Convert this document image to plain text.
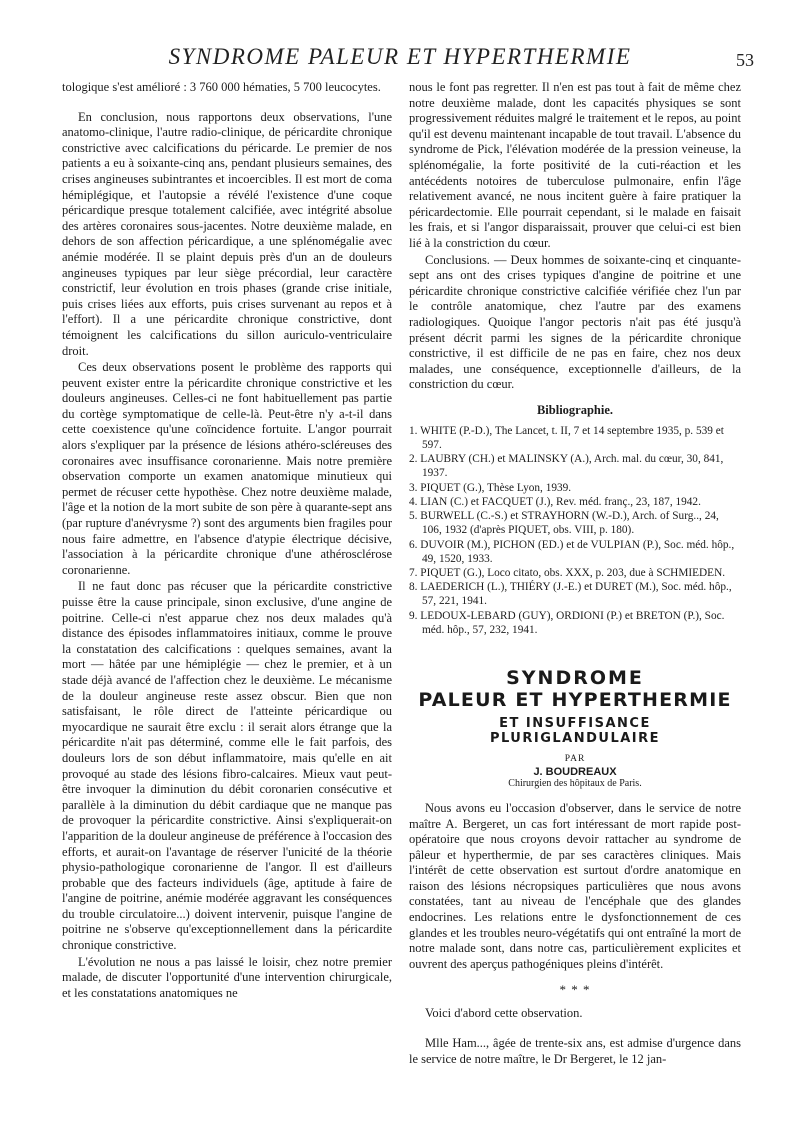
SYNDROME PALEUR ET HYPERTHERMIE	53

tologique s'est amélioré : 3 760 000 hématies, 5 700 leucocytes.

En conclusion, nous rapportons deux observations, l'une anatomo-clinique, l'autre radio-clinique, de péricardite chronique constrictive avec calcifications du péricarde. Le premier de nos patients a eu à soixante-cinq ans, pendant plusieurs semaines, des crises angineuses subintrantes et incoercibles. Il est mort de coma hémiplégique, et l'autopsie a révélé l'existence d'une coque péricardique presque totalement calcifiée, avec intégrité absolue des artères coronaires sous-jacentes. Notre deuxième malade, en dehors de son affection péricardique, a une splénomégalie avec anémie modérée. Il se plaint depuis près d'un an de douleurs angineuses typiques par leur siège précordial, leur caractère constrictif, leur évolution en trois phases (grande crise initiale, puis crises liées aux efforts, puis crises survenant au repos et à l'effort). Il a une péricardite chronique constrictive, dont témoignent les calcifications du sillon auriculo-ventriculaire droit.

Ces deux observations posent le problème des rapports qui peuvent exister entre la péricardite chronique constrictive et les douleurs angineuses. Celles-ci ne font habituellement pas partie du cortège symptomatique de celle-là. Peut-être n'y a-t-il dans cette coexistence qu'une coïncidence fortuite. L'angor pourrait alors s'expliquer par la présence de lésions athéro-scléreuses des coronaires avec insuffisance coronarienne. Mais notre première observation comporte un examen anatomique minutieux qui permet de récuser cette hypothèse. Chez notre deuxième malade, l'âge et la notion de la mort subite de son père à quarante-sept ans (par rupture d'anévrysme ?) sont des arguments bien fragiles pour nous faire admettre, en l'absence d'atypie électrique décisive, l'association à la péricardite chronique d'une athérosclérose coronarienne.

Il ne faut donc pas récuser que la péricardite constrictive puisse être la cause principale, sinon exclusive, d'une angine de poitrine. Celle-ci n'est apparue chez nos deux malades qu'à distance des épisodes inflammatoires initiaux, comme le prouve la constatation des calcifications : quelques semaines, avant la mort — hâtée par une hémiplégie — chez le premier, et à un stade déjà avancé de l'affection chez le deuxième. Le mécanisme de la douleur angineuse reste assez obscur. Bien que non satisfaisant, le rôle direct de l'atteinte péricardique ou myocardique ne saurait être exclu : il serait alors étrange que la péricardite n'ait pas déterminé, comme elle le fait parfois, des douleurs lors de son début inflammatoire, mais qu'elle en ait provoqué au stade des lésions fibro-calcaires. Mieux vaut peut-être invoquer la diminution du débit coronarien consécutive et parallèle à la diminution du débit cardiaque que ne manque pas de provoquer la péricardite constrictive. Ainsi s'expliquerait-on l'apparition de la douleur angineuse de préférence à l'occasion des efforts, et aurait-on l'avantage de réserver l'unicité de la théorie physio-pathologique coronarienne de l'angor. Il est d'ailleurs probable que des facteurs individuels (âge, aptitude à faire de l'angine de poitrine, anémie modérée aggravant les conséquences du trouble circulatoire...) doivent intervenir, puisque l'angine de poitrine ne s'observe qu'exceptionnellement dans la péricardite chronique constrictive.

L'évolution ne nous a pas laissé le loisir, chez notre premier malade, de discuter l'opportunité d'une intervention chirurgicale, et les constatations anatomiques ne

nous le font pas regretter. Il n'en est pas tout à fait de même chez notre deuxième malade, dont les capacités physiques se sont progressivement réduites malgré le traitement et le repos, au point qu'il est devenu maintenant incapable de tout travail. L'absence du syndrome de Pick, l'élévation modérée de la pression veineuse, la splénomégalie, la forte positivité de la cuti-réaction et les antécédents notoires de tuberculose pulmonaire, enfin l'âge relativement avancé, ne nous incitent guère à faire pratiquer la péricardectomie. Elle pourrait cependant, si le malade en faisait les frais, et si l'angor disparaissait, prouver que celui-ci est bien lié à la constriction du cœur.

Conclusions. — Deux hommes de soixante-cinq et cinquante-sept ans ont des crises typiques d'angine de poitrine et une péricardite chronique constrictive calcifiée vérifiée chez l'un par le contrôle anatomique, chez l'autre par des examens radiologiques. Quoique l'angor pectoris n'ait pas été jusqu'à présent décrit parmi les signes de la péricardite chronique constrictive, il est difficile de ne pas en faire, chez nos deux malades, une conséquence, exceptionnelle d'ailleurs, de la constriction du cœur.

Bibliographie.
1. WHITE (P.-D.), The Lancet, t. II, 7 et 14 septembre 1935, p. 539 et 597.
2. LAUBRY (CH.) et MALINSKY (A.), Arch. mal. du cœur, 30, 841, 1937.
3. PIQUET (G.), Thèse Lyon, 1939.
4. LIAN (C.) et FACQUET (J.), Rev. méd. franç., 23, 187, 1942.
5. BURWELL (C.-S.) et STRAYHORN (W.-D.), Arch. of Surg.., 24, 106, 1932 (d'après PIQUET, obs. VIII, p. 180).
6. DUVOIR (M.), PICHON (ED.) et de VULPIAN (P.), Soc. méd. hôp., 49, 1520, 1933.
7. PIQUET (G.), Loco citato, obs. XXX, p. 203, due à SCHMIEDEN.
8. LAEDERICH (L.), THIÉRY (J.-E.) et DURET (M.), Soc. méd. hôp., 57, 221, 1941.
9. LEDOUX-LEBARD (GUY), ORDIONI (P.) et BRETON (P.), Soc. méd. hôp., 57, 232, 1941.
SYNDROME
PALEUR ET HYPERTHERMIE
ET INSUFFISANCE
PLURIGLANDULAIRE
PAR
J. BOUDREAUX
Chirurgien des hôpitaux de Paris.

Nous avons eu l'occasion d'observer, dans le service de notre maître A. Bergeret, un cas fort intéressant de mort rapide post-opératoire que nous croyons devoir rattacher au syndrome de pâleur et hyperthermie, de par ses caractères cliniques. Mais l'intérêt de cette observation est surtout d'ordre anatomique en raison des lésions nécropsiques particulières que nous avons constatées, tant au niveau de l'encéphale que des glandes endocrines. Les relations entre le dysfonctionnement de ces glandes et les troubles neuro-végétatifs qui ont entraîné la mort de notre malade sont, dans notre cas, particulièrement explicites et ouvrent des aperçus pathogéniques pleins d'intérêt.

* * *

Voici d'abord cette observation.

Mlle Ham..., âgée de trente-six ans, est admise d'urgence dans le service de notre maître, le Dr Bergeret, le 12 jan-
